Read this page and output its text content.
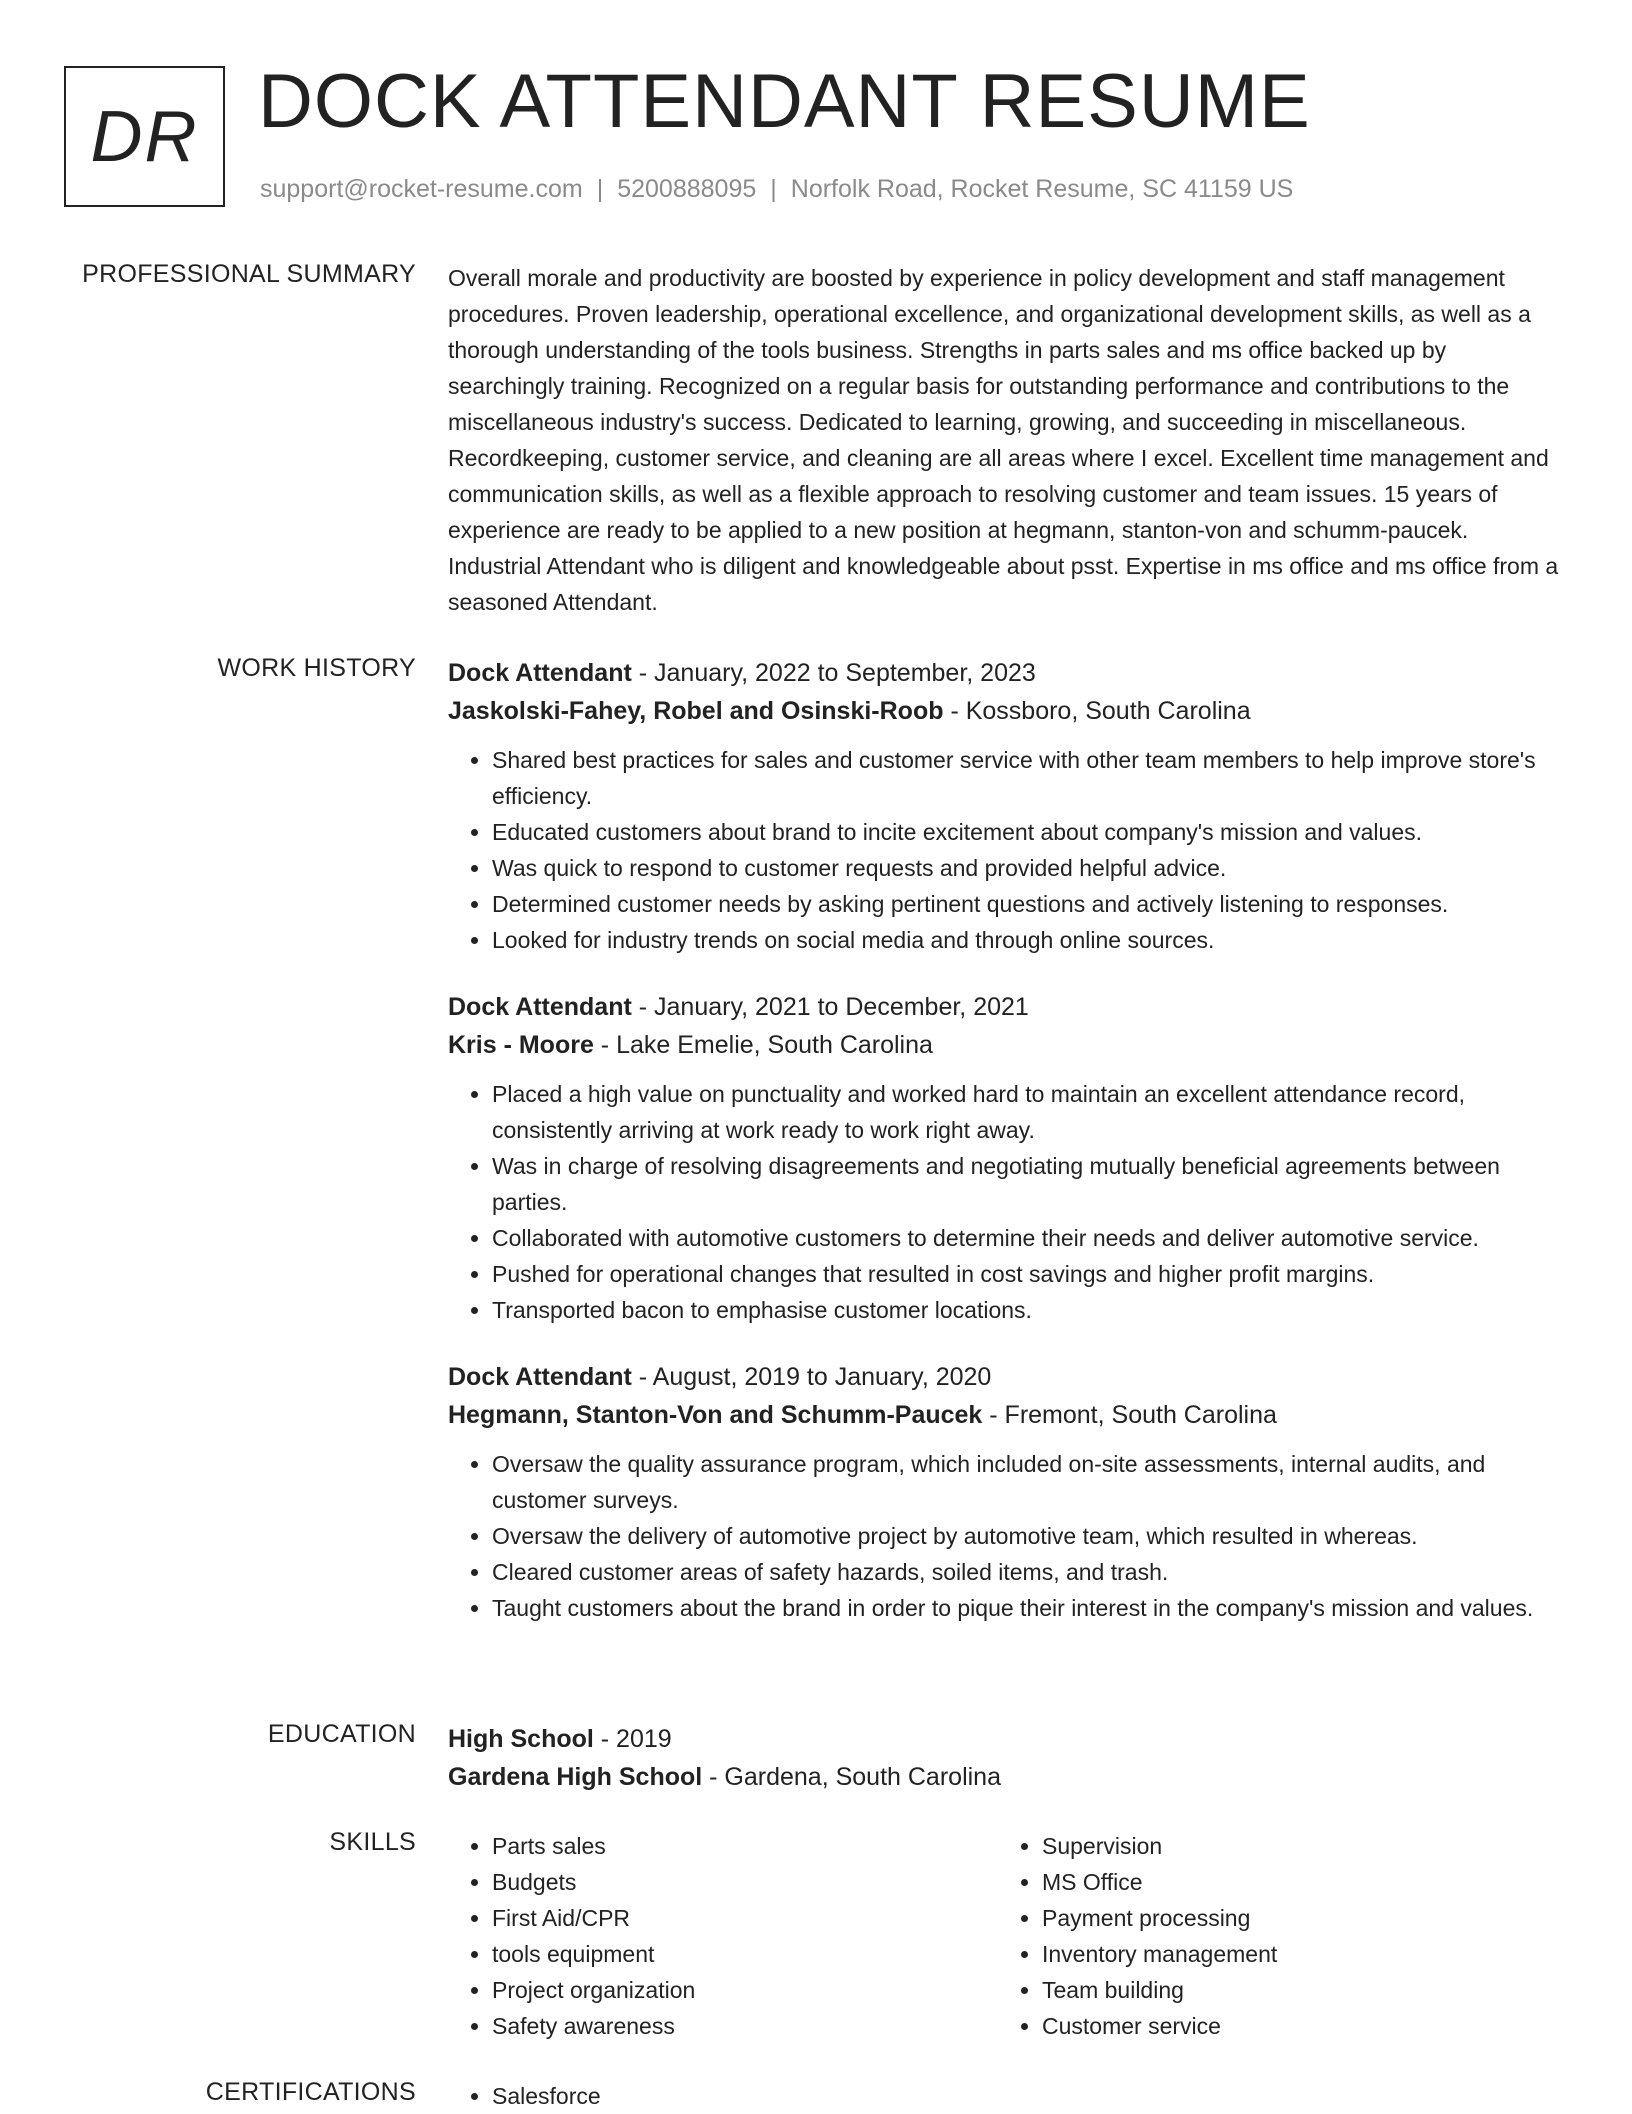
DR DOCK ATTENDANT RESUME
support@rocket-resume.com | 5200888095 | Norfolk Road, Rocket Resume, SC 41159 US
PROFESSIONAL SUMMARY Overall morale and productivity are boosted by experience in policy development and staff management procedures. Proven leadership, operational excellence, and organizational development skills, as well as a thorough understanding of the tools business. Strengths in parts sales and ms office backed up by searchingly training. Recognized on a regular basis for outstanding performance and contributions to the miscellaneous industry's success. Dedicated to learning, growing, and succeeding in miscellaneous. Recordkeeping, customer service, and cleaning are all areas where I excel. Excellent time management and communication skills, as well as a flexible approach to resolving customer and team issues. 15 years of experience are ready to be applied to a new position at hegmann, stanton-von and schumm-paucek. Industrial Attendant who is diligent and knowledgeable about psst. Expertise in ms office and ms office from a seasoned Attendant.

WORK HISTORY Dock Attendant - January, 2022 to September, 2023
Jaskolski-Fahey, Robel and Osinski-Roob - Kossboro, South Carolina
• Shared best practices for sales and customer service with other team members to help improve store's efficiency.
• Educated customers about brand to incite excitement about company's mission and values.
• Was quick to respond to customer requests and provided helpful advice.
• Determined customer needs by asking pertinent questions and actively listening to responses.
• Looked for industry trends on social media and through online sources.
Dock Attendant - January, 2021 to December, 2021
Kris - Moore - Lake Emelie, South Carolina
• Placed a high value on punctuality and worked hard to maintain an excellent attendance record, consistently arriving at work ready to work right away.
• Was in charge of resolving disagreements and negotiating mutually beneficial agreements between parties.
• Collaborated with automotive customers to determine their needs and deliver automotive service.
• Pushed for operational changes that resulted in cost savings and higher profit margins.
• Transported bacon to emphasise customer locations.
Dock Attendant - August, 2019 to January, 2020
Hegmann, Stanton-Von and Schumm-Paucek - Fremont, South Carolina
• Oversaw the quality assurance program, which included on-site assessments, internal audits, and customer surveys.
• Oversaw the delivery of automotive project by automotive team, which resulted in whereas.
• Cleared customer areas of safety hazards, soiled items, and trash.
• Taught customers about the brand in order to pique their interest in the company's mission and values.
EDUCATION High School - 2019
Gardena High School - Gardena, South Carolina
SKILLS	• Parts sales
• Budgets
• First Aid/CPR
• tools equipment
• Project organization
• Safety awareness
• Supervision
• MS Office
• Payment processing
• Inventory management
• Team building
• Customer service
CERTIFICATIONS	• Salesforce
